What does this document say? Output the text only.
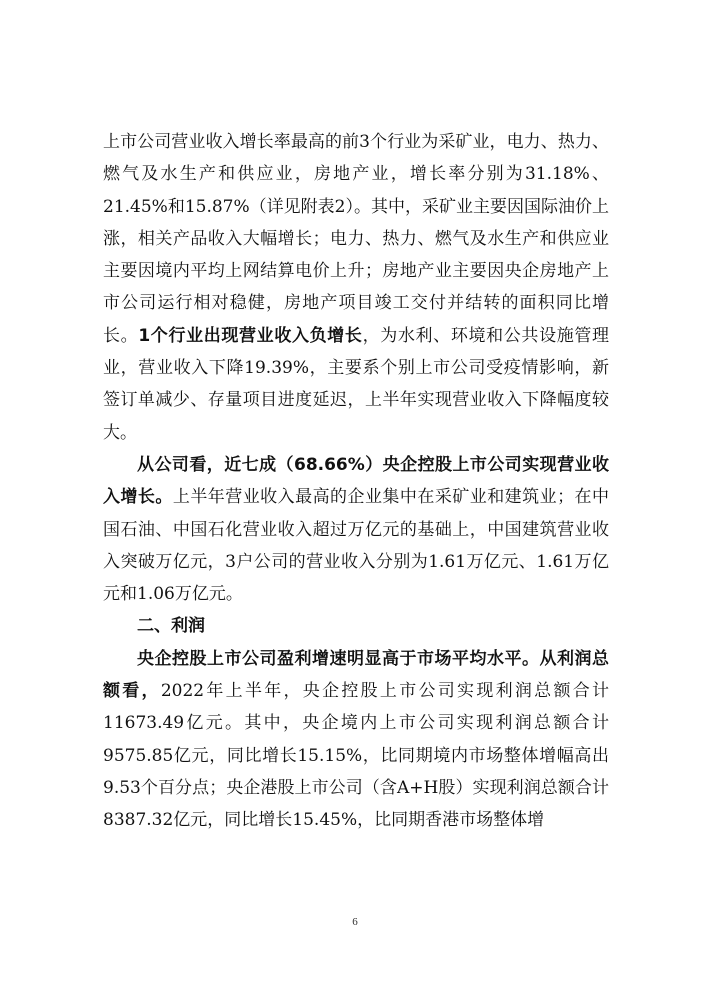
上市公司营业收入增长率最高的前3个行业为采矿业，电力、热力、燃气及水生产和供应业，房地产业，增长率分别为31.18%、21.45%和15.87%（详见附表2）。其中，采矿业主要因国际油价上涨，相关产品收入大幅增长；电力、热力、燃气及水生产和供应业主要因境内平均上网结算电价上升；房地产业主要因央企房地产上市公司运行相对稳健，房地产项目竣工交付并结转的面积同比增长。1个行业出现营业收入负增长，为水利、环境和公共设施管理业，营业收入下降19.39%，主要系个别上市公司受疫情影响，新签订单减少、存量项目进度延迟，上半年实现营业收入下降幅度较大。

从公司看，近七成（68.66%）央企控股上市公司实现营业收入增长。上半年营业收入最高的企业集中在采矿业和建筑业；在中国石油、中国石化营业收入超过万亿元的基础上，中国建筑营业收入突破万亿元，3户公司的营业收入分别为1.61万亿元、1.61万亿元和1.06万亿元。

二、利润

央企控股上市公司盈利增速明显高于市场平均水平。从利润总额看，2022年上半年，央企控股上市公司实现利润总额合计11673.49亿元。其中，央企境内上市公司实现利润总额合计9575.85亿元，同比增长15.15%，比同期境内市场整体增幅高出9.53个百分点；央企港股上市公司（含A+H股）实现利润总额合计8387.32亿元，同比增长15.45%，比同期香港市场整体增

6
